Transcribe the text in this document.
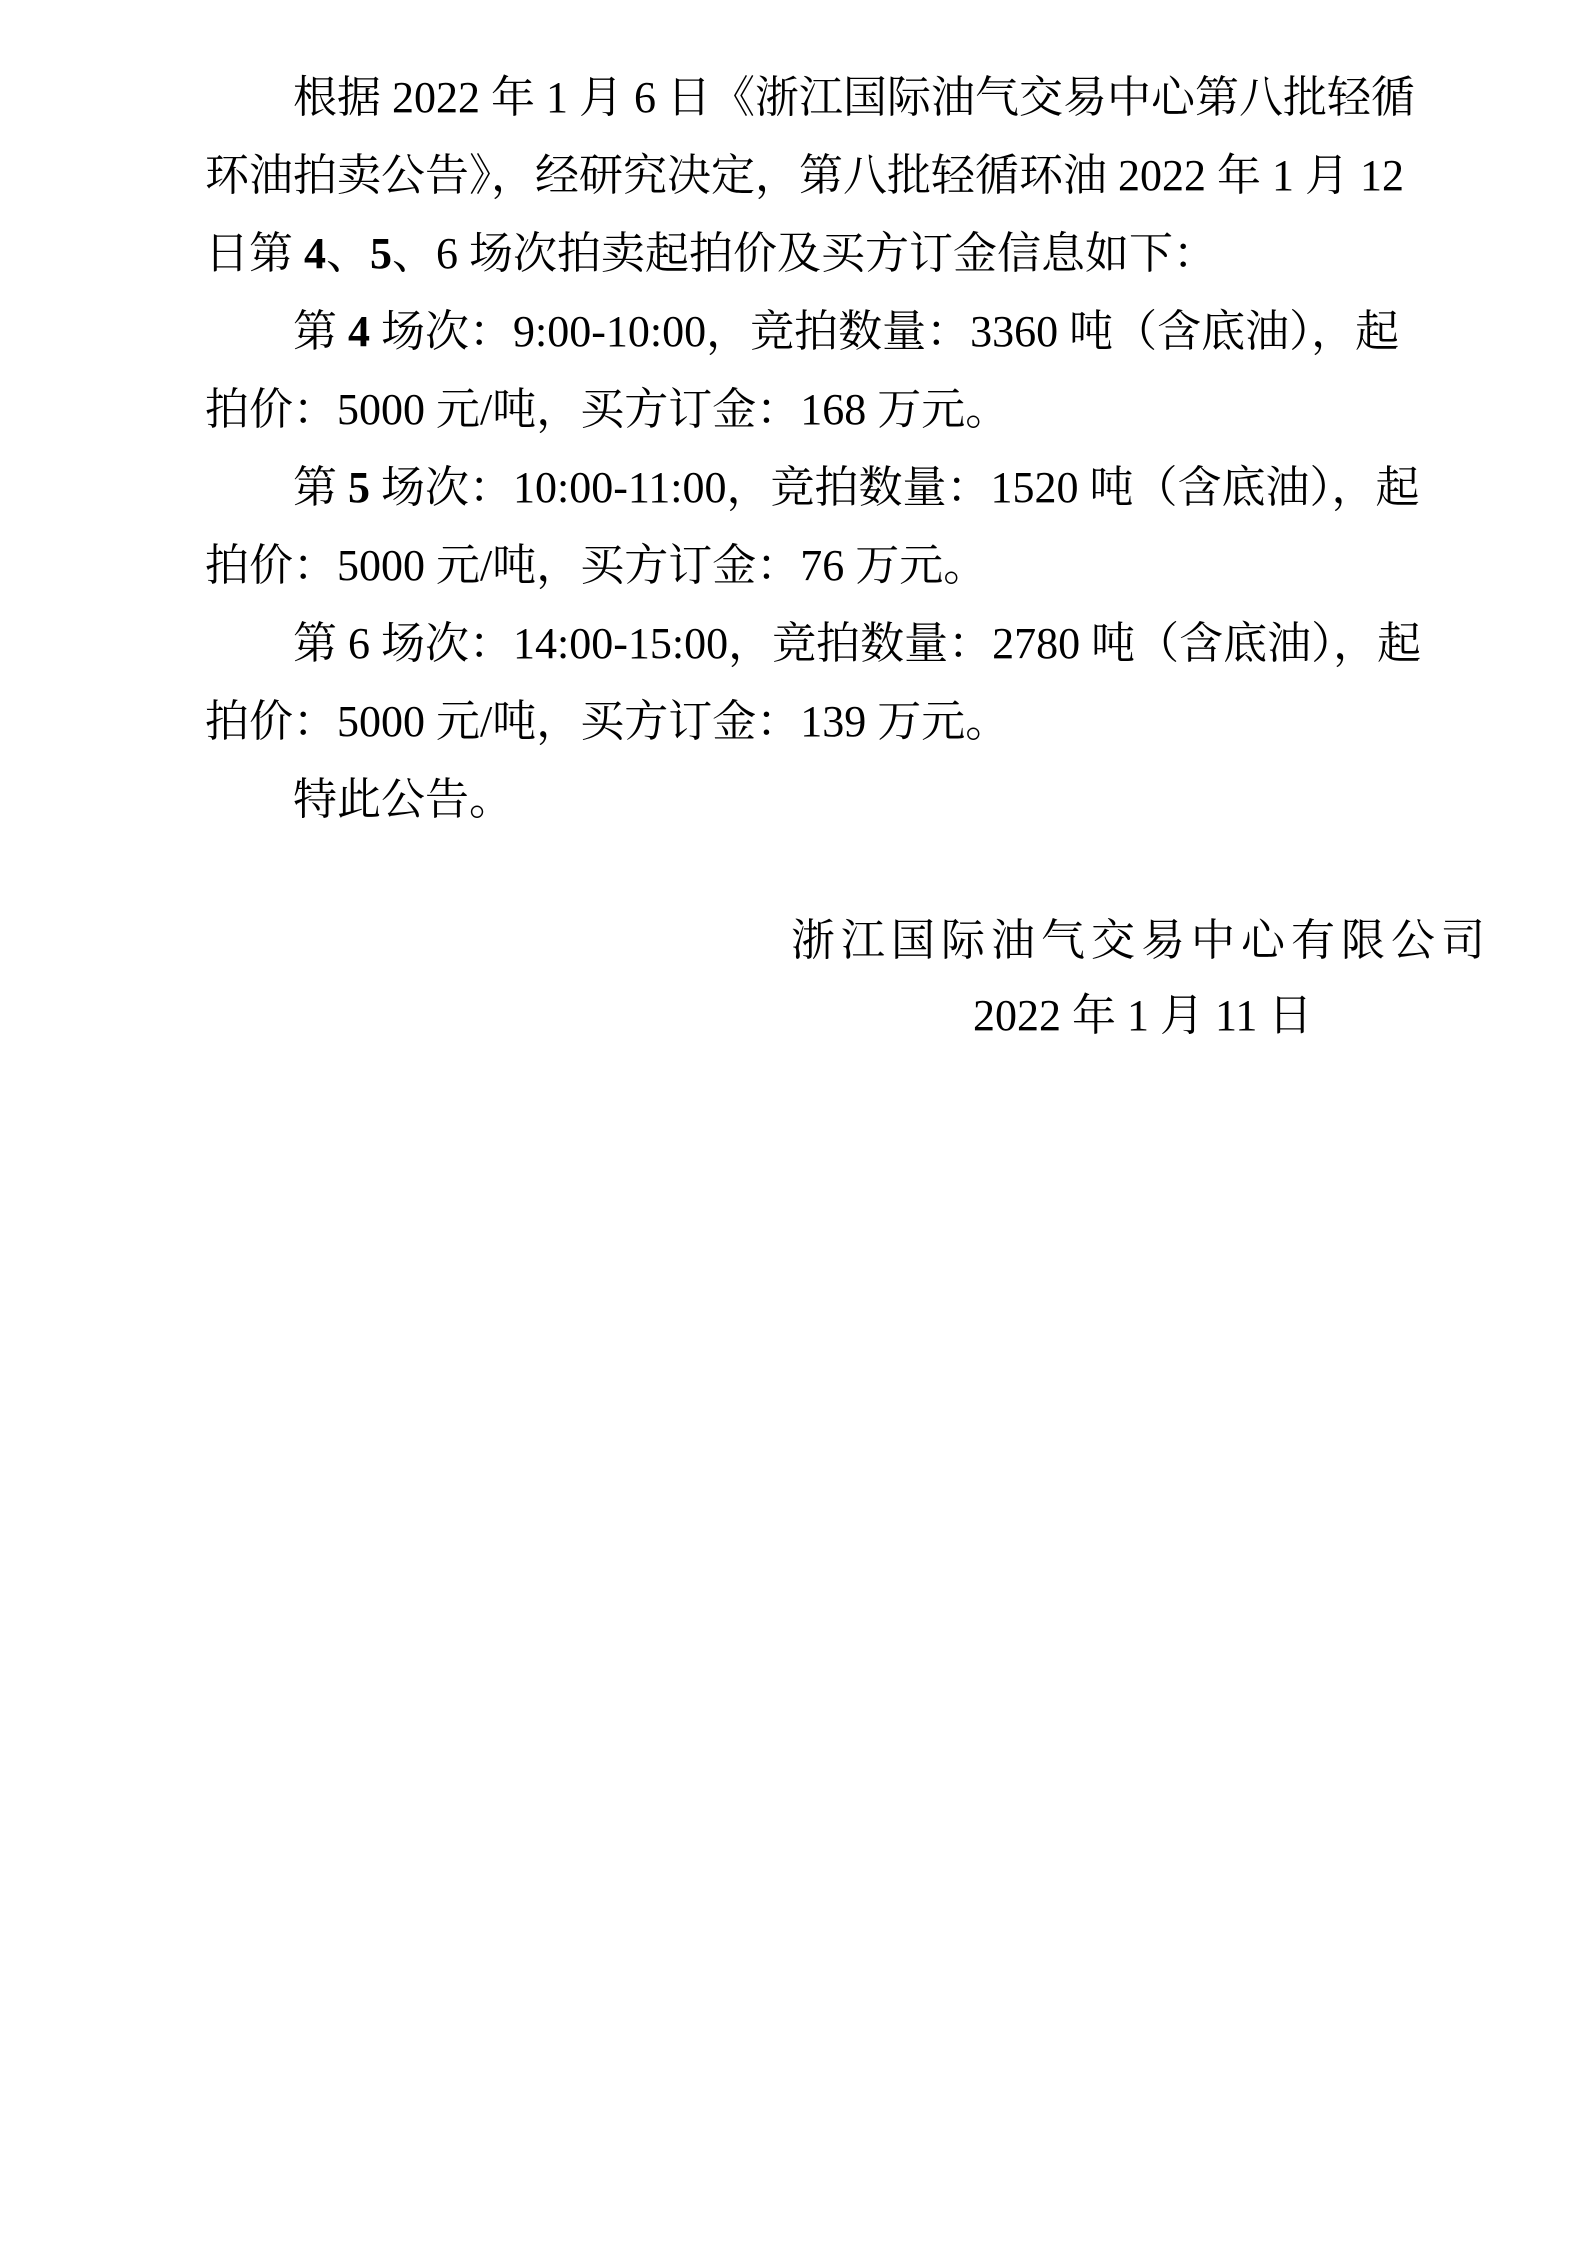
根据 2022 年 1 月 6 日《浙江国际油气交易中心第八批轻循
环油拍卖公告》，经研究决定，第八批轻循环油 2022 年 1 月 12
日第 4、5、6 场次拍卖起拍价及买方订金信息如下：
第 4 场次：9:00-10:00，竞拍数量：3360 吨（含底油），起
拍价：5000 元/吨，买方订金：168 万元。
第 5 场次：10:00-11:00，竞拍数量：1520 吨（含底油），起
拍价：5000 元/吨，买方订金：76 万元。
第 6 场次：14:00-15:00，竞拍数量：2780 吨（含底油），起
拍价：5000 元/吨，买方订金：139 万元。
特此公告。
浙江国际油气交易中心有限公司
2022 年 1 月 11 日
